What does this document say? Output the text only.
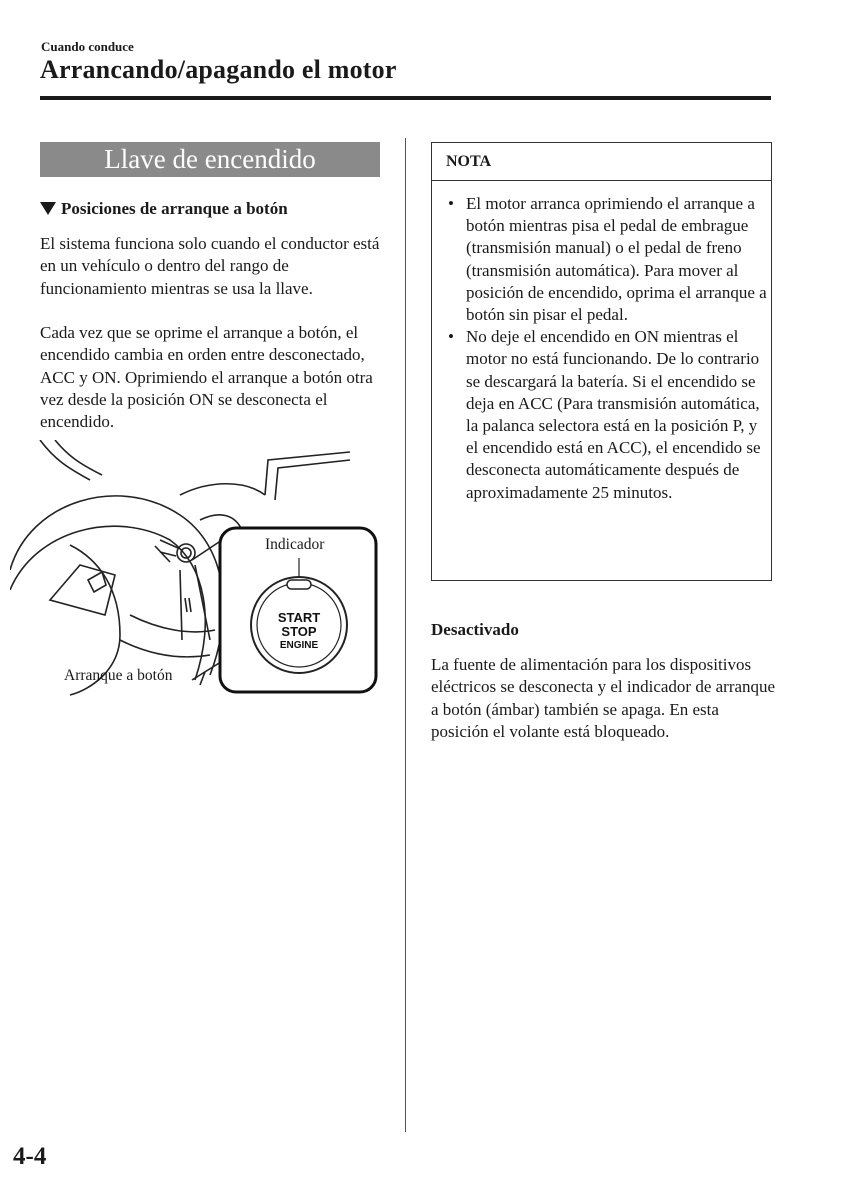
Cuando conduce
Arrancando/apagando el motor
Llave de encendido
Posiciones de arranque a botón

El sistema funciona solo cuando el conductor está en un vehículo o dentro del rango de funcionamiento mientras se usa la llave.

Cada vez que se oprime el arranque a botón, el encendido cambia en orden entre desconectado, ACC y ON. Oprimiendo el arranque a botón otra vez desde la posición ON se desconecta el encendido.

START
STOP
ENGINE
Indicador
Arranque a botón
NOTA
• El motor arranca oprimiendo el arranque a botón mientras pisa el pedal de embrague (transmisión manual) o el pedal de freno (transmisión automática). Para mover al posición de encendido, oprima el arranque a botón sin pisar el pedal.
• No deje el encendido en ON mientras el motor no está funcionando. De lo contrario se descargará la batería. Si el encendido se deja en ACC (Para transmisión automática, la palanca selectora está en la posición P, y el encendido está en ACC), el encendido se desconecta automáticamente después de aproximadamente 25 minutos.
Desactivado

La fuente de alimentación para los dispositivos eléctricos se desconecta y el indicador de arranque a botón (ámbar) también se apaga. En esta posición el volante está bloqueado.

4-4
